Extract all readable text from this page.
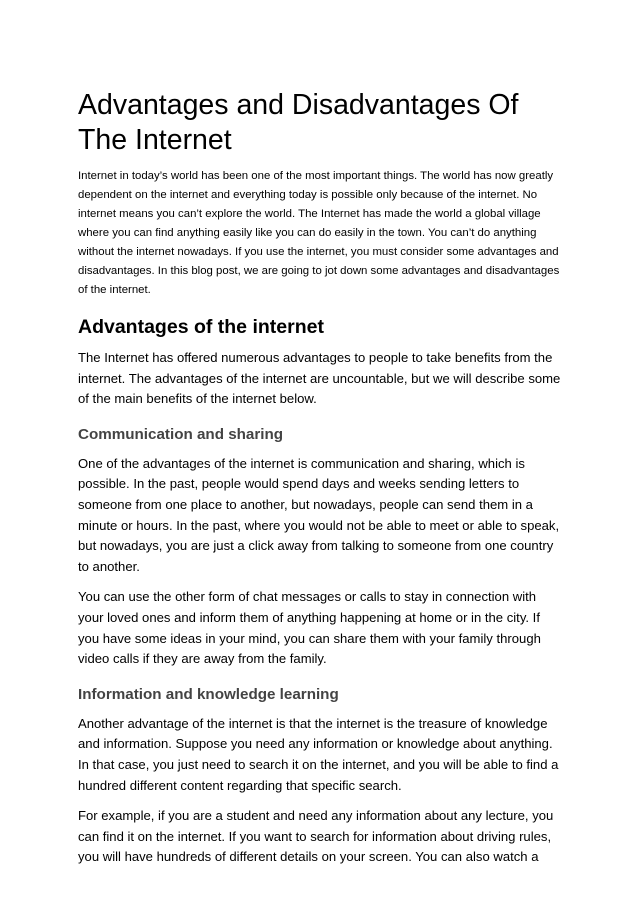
Advantages and Disadvantages Of The Internet

Internet in today’s world has been one of the most important things. The world has now greatly dependent on the internet and everything today is possible only because of the internet. No internet means you can’t explore the world. The Internet has made the world a global village where you can find anything easily like you can do easily in the town. You can’t do anything without the internet nowadays. If you use the internet, you must consider some advantages and disadvantages. In this blog post, we are going to jot down some advantages and disadvantages of the internet.

Advantages of the internet

The Internet has offered numerous advantages to people to take benefits from the internet. The advantages of the internet are uncountable, but we will describe some of the main benefits of the internet below.

Communication and sharing

One of the advantages of the internet is communication and sharing, which is possible. In the past, people would spend days and weeks sending letters to someone from one place to another, but nowadays, people can send them in a minute or hours. In the past, where you would not be able to meet or able to speak, but nowadays, you are just a click away from talking to someone from one country to another.

You can use the other form of chat messages or calls to stay in connection with your loved ones and inform them of anything happening at home or in the city. If you have some ideas in your mind, you can share them with your family through video calls if they are away from the family.

Information and knowledge learning

Another advantage of the internet is that the internet is the treasure of knowledge and information. Suppose you need any information or knowledge about anything. In that case, you just need to search it on the internet, and you will be able to find a hundred different content regarding that specific search.

For example, if you are a student and need any information about any lecture, you can find it on the internet. If you want to search for information about driving rules, you will have hundreds of different details on your screen. You can also watch a
